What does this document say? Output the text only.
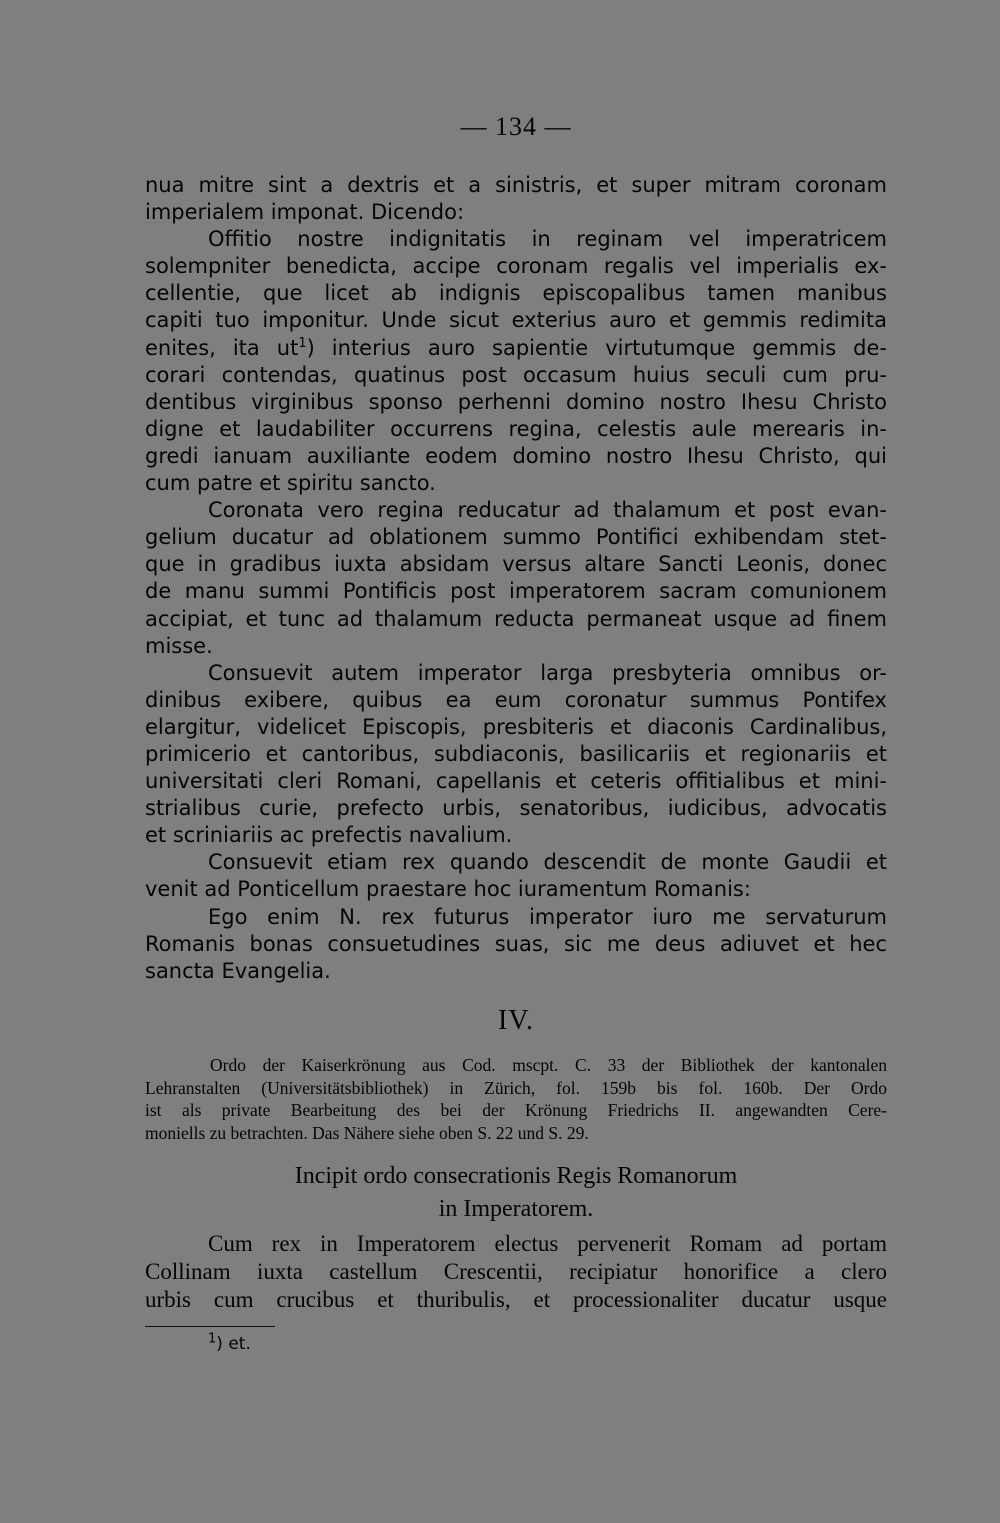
— 134 —
nua mitre sint a dextris et a sinistris, et super mitram coronam
imperialem imponat. Dicendo:
Offitio nostre indignitatis in reginam vel imperatricem
solempniter benedicta, accipe coronam regalis vel imperialis ex-
cellentie, que licet ab indignis episcopalibus tamen manibus
capiti tuo imponitur. Unde sicut exterius auro et gemmis redimita
enites, ita $ut^1$) interius auro sapientie virtutumque gemmis de-
corari contendas, quatinus post occasum huius seculi cum pru-
dentibus virginibus sponso perhenni domino nostro Ihesu Christo
digne et laudabiliter occurrens regina, celestis aule merearis in-
gredi ianuam auxiliante eodem domino nostro Ihesu Christo, qui
cum patre et spiritu sancto.
Coronata vero regina reducatur ad thalamum et post evan-
gelium ducatur ad oblationem summo Pontifici exhibendam stet-
que in gradibus iuxta absidam versus altare Sancti Leonis, donec
de manu summi Pontificis post imperatorem sacram comunionem
accipiat, et tunc ad thalamum reducta permaneat usque ad finem
misse.
Consuevit autem imperator larga presbyteria omnibus or-
dinibus exibere, quibus ea eum coronatur summus Pontifex
elargitur, videlicet Episcopis, presbiteris et diaconis Cardinalibus,
primicerio et cantoribus, subdiaconis, basilicariis et regionariis et
universitati cleri Romani, capellanis et ceteris offitialibus et mini-
strialibus curie, prefecto urbis, senatoribus, iudicibus, advocatis
et scriniariis ac prefectis navalium.
Consuevit etiam rex quando descendit de monte Gaudii et
venit ad Ponticellum praestare hoc iuramentum Romanis:
Ego enim N. rex futurus imperator iuro me servaturum
Romanis bonas consuetudines suas, sic me deus adiuvet et hec
sancta Evangelia.
IV.
Ordo der Kaiserkrönung aus Cod. mscpt. C. 33 der Bibliothek der kantonalen
Lehranstalten (Universitätsbibliothek) in Zürich, fol. 159b bis fol. 160b. Der Ordo
ist als private Bearbeitung des bei der Krönung Friedrichs II. angewandten Cere-
moniells zu betrachten. Das Nähere siehe oben S. 22 und S. 29.
Incipit ordo consecrationis Regis Romanorum
in Imperatorem.
Cum rex in Imperatorem electus pervenerit Romam ad portam
Collinam iuxta castellum Crescentii, recipiatur honorifice a clero
urbis cum crucibus et thuribulis, et processionaliter ducatur usque
$^1$) et.
